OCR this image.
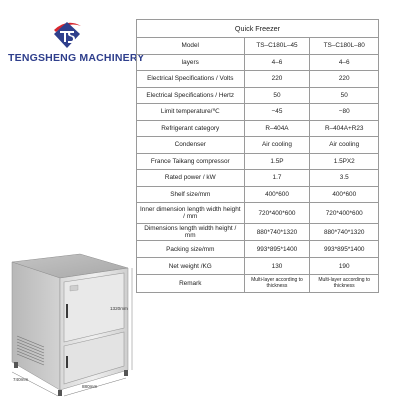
TENGSHENG MACHINERY
Quick Freezer		
Model	TS–C180L–45	TS–C180L–80
layers	4–6	4–6
Electrical Specifications / Volts	220	220
Electrical Specifications / Hertz	50	50
Limit temperature/℃	−45	−80
Refrigerant category	R–404A	R–404A+R23
Condenser	Air cooling	Air cooling
France Taikang compressor	1.5P	1.5PX2
Rated power / kW	1.7	3.5
Shelf size/mm	400*600	400*600
Inner dimension length width height / mm	720*400*600	720*400*600
Dimensions length width height / mm	880*740*1320	880*740*1320
Packing size/mm	993*895*1400	993*895*1400
Net weight /KG	130	190
Remark	Multi-layer according to thickness	Multi-layer according to thickness
1320mm
740mm
880mm
